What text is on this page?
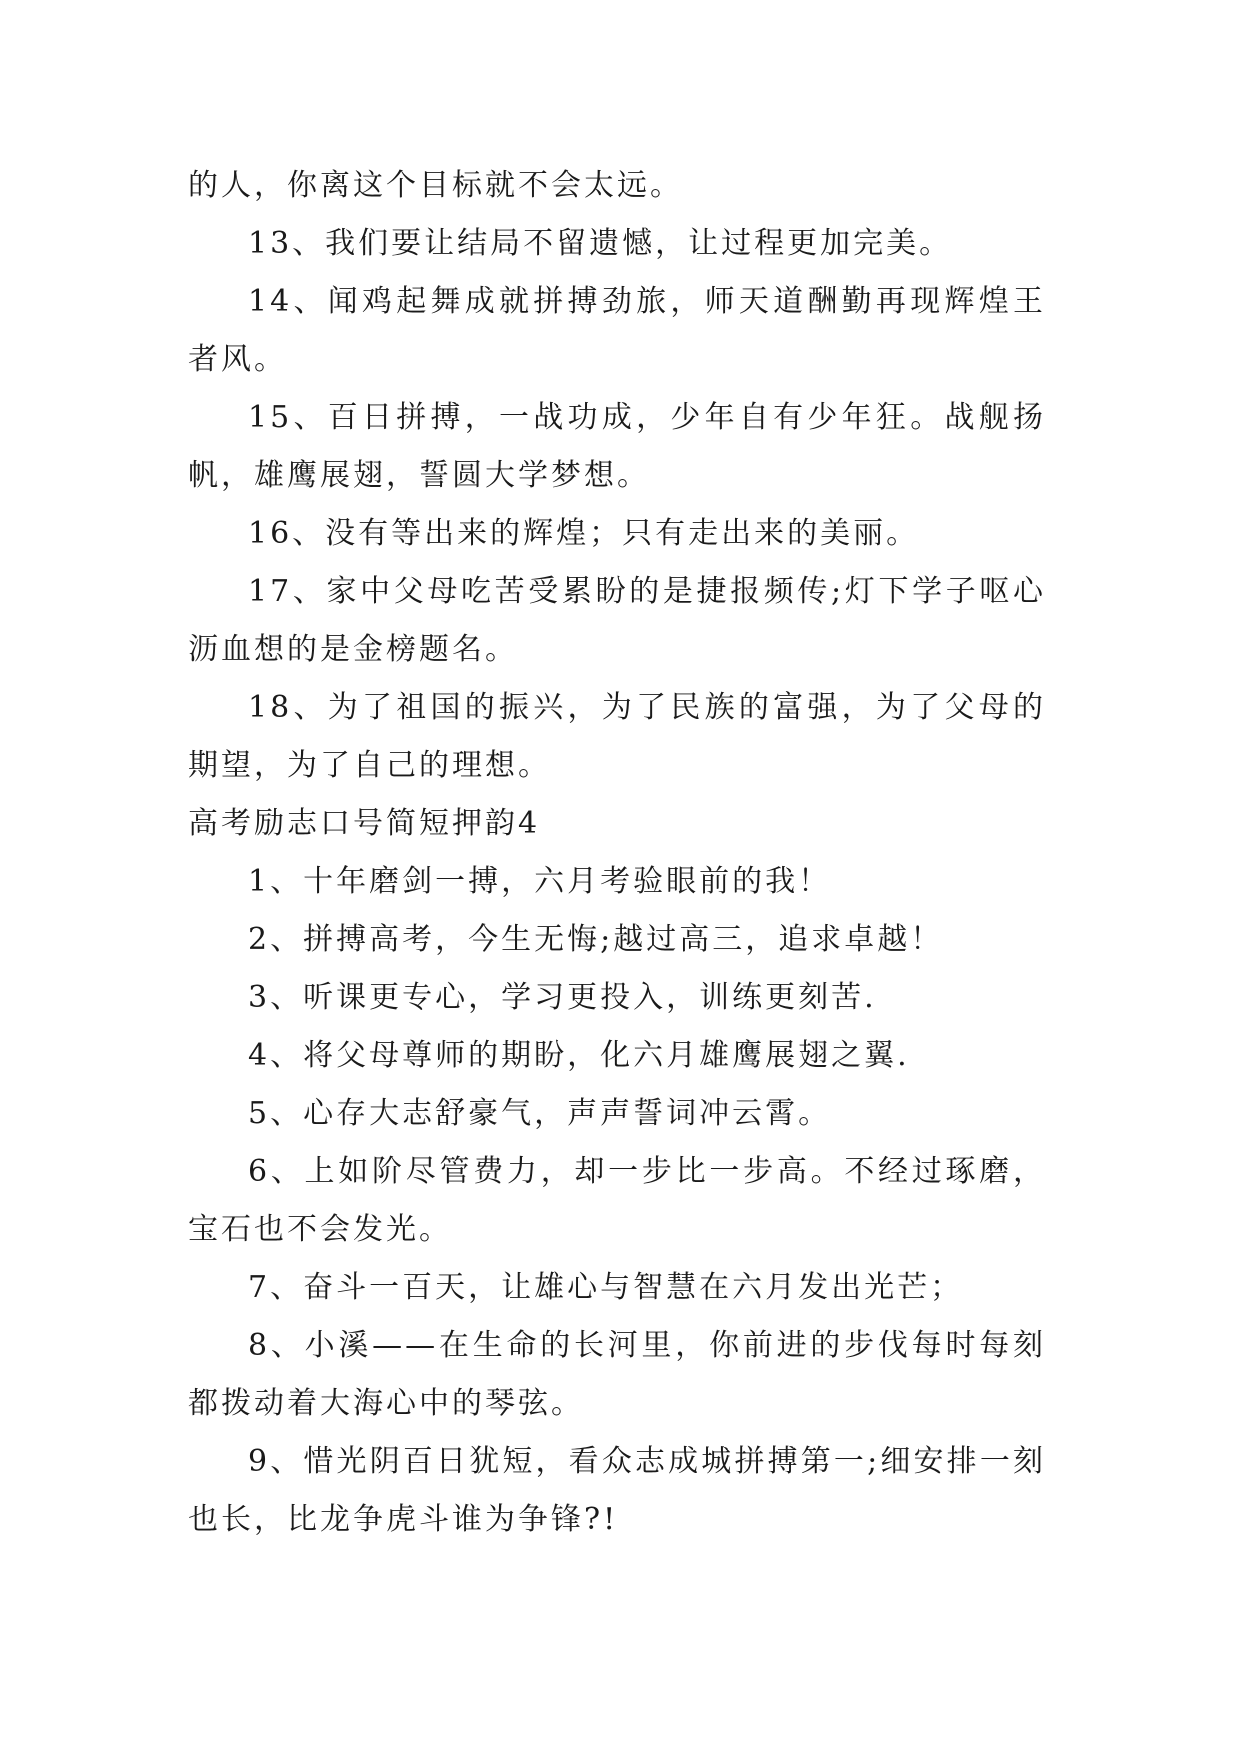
的人，你离这个目标就不会太远。

13、我们要让结局不留遗憾，让过程更加完美。

14、闻鸡起舞成就拼搏劲旅，师天道酬勤再现辉煌王者风。

15、百日拼搏，一战功成，少年自有少年狂。战舰扬帆，雄鹰展翅，誓圆大学梦想。

16、没有等出来的辉煌；只有走出来的美丽。

17、家中父母吃苦受累盼的是捷报频传;灯下学子呕心沥血想的是金榜题名。

18、为了祖国的振兴，为了民族的富强，为了父母的期望，为了自己的理想。

高考励志口号简短押韵4

1、十年磨剑一搏，六月考验眼前的我！

2、拼搏高考，今生无悔;越过高三，追求卓越！

3、听课更专心，学习更投入，训练更刻苦.

4、将父母尊师的期盼，化六月雄鹰展翅之翼.

5、心存大志舒豪气，声声誓词冲云霄。

6、上如阶尽管费力，却一步比一步高。不经过琢磨，宝石也不会发光。

7、奋斗一百天，让雄心与智慧在六月发出光芒；

8、小溪——在生命的长河里，你前进的步伐每时每刻都拨动着大海心中的琴弦。

9、惜光阴百日犹短，看众志成城拼搏第一;细安排一刻也长，比龙争虎斗谁为争锋?!
